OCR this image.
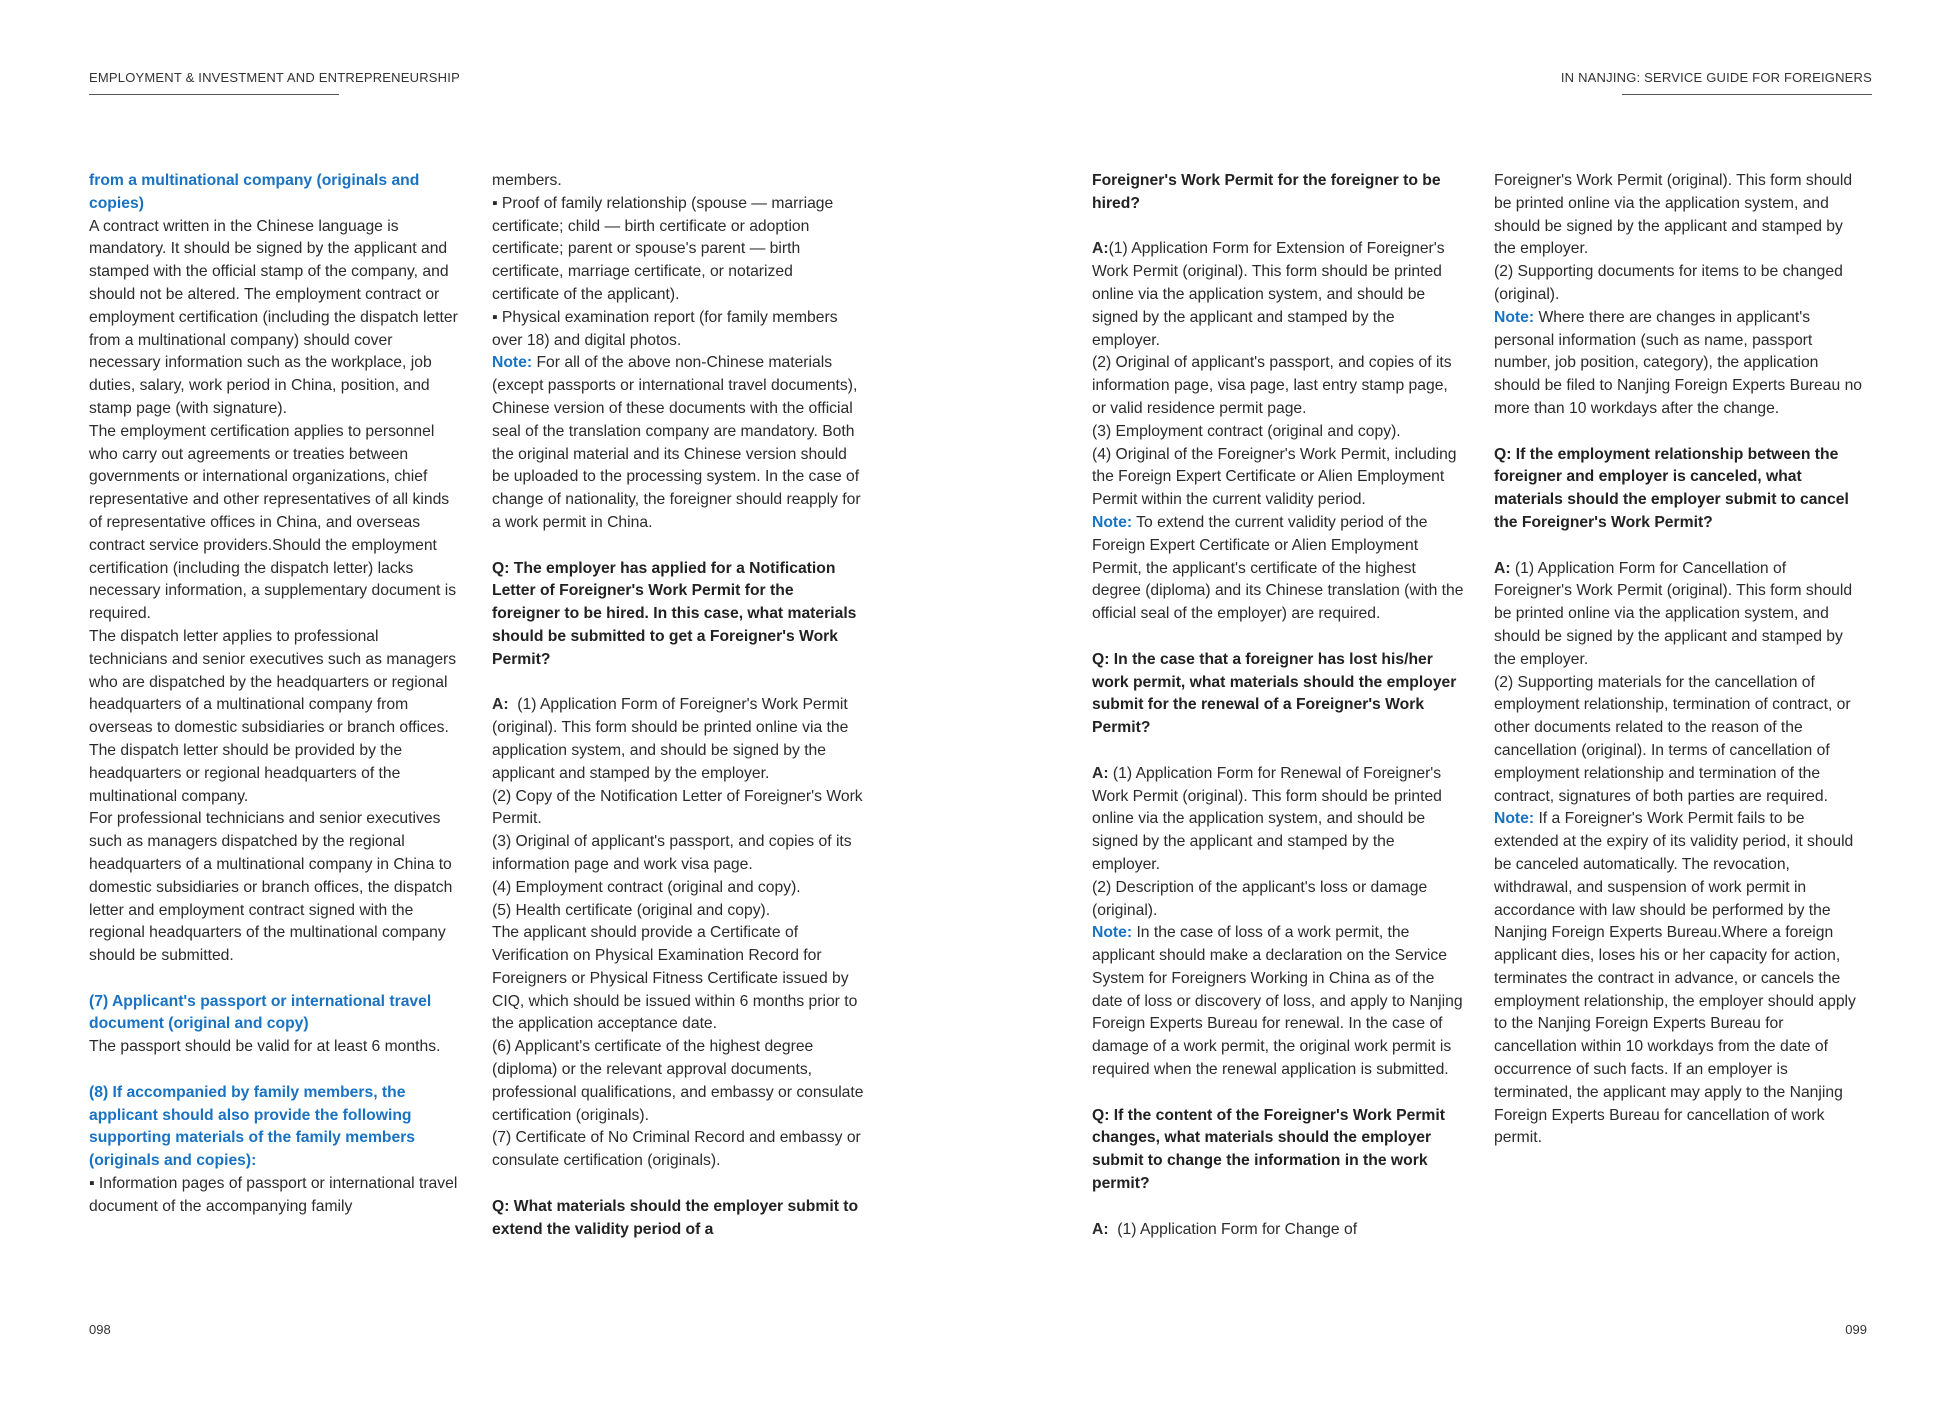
EMPLOYMENT & INVESTMENT AND ENTREPRENEURSHIP	IN NANJING: SERVICE GUIDE FOR FOREIGNERS

from a multinational company (originals and copies)

A contract written in the Chinese language is mandatory. It should be signed by the applicant and stamped with the official stamp of the company, and should not be altered. The employment contract or employment certification (including the dispatch letter from a multinational company) should cover necessary information such as the workplace, job duties, salary, work period in China, position, and stamp page (with signature).

The employment certification applies to personnel who carry out agreements or treaties between governments or international organizations, chief representative and other representatives of all kinds of representative offices in China, and overseas contract service providers.Should the employment certification (including the dispatch letter) lacks necessary information, a supplementary document is required.

The dispatch letter applies to professional technicians and senior executives such as managers who are dispatched by the headquarters or regional headquarters of a multinational company from overseas to domestic subsidiaries or branch offices. The dispatch letter should be provided by the headquarters or regional headquarters of the multinational company.

For professional technicians and senior executives such as managers dispatched by the regional headquarters of a multinational company in China to domestic subsidiaries or branch offices, the dispatch letter and employment contract signed with the regional headquarters of the multinational company should be submitted.

(7) Applicant's passport or international travel document (original and copy)

The passport should be valid for at least 6 months.

(8) If accompanied by family members, the applicant should also provide the following supporting materials of the family members (originals and copies):

▪ Information pages of passport or international travel document of the accompanying family

members.

▪ Proof of family relationship (spouse — marriage certificate; child — birth certificate or adoption certificate; parent or spouse's parent — birth certificate, marriage certificate, or notarized certificate of the applicant).

▪ Physical examination report (for family members over 18) and digital photos.

Note: For all of the above non-Chinese materials (except passports or international travel documents), Chinese version of these documents with the official seal of the translation company are mandatory. Both the original material and its Chinese version should be uploaded to the processing system. In the case of change of nationality, the foreigner should reapply for a work permit in China.

Q: The employer has applied for a Notification Letter of Foreigner's Work Permit for the foreigner to be hired. In this case, what materials should be submitted to get a Foreigner's Work Permit?

A:  (1) Application Form of Foreigner's Work Permit (original). This form should be printed online via the application system, and should be signed by the applicant and stamped by the employer.

(2) Copy of the Notification Letter of Foreigner's Work Permit.

(3) Original of applicant's passport, and copies of its information page and work visa page.

(4) Employment contract (original and copy).

(5) Health certificate (original and copy).

The applicant should provide a Certificate of Verification on Physical Examination Record for Foreigners or Physical Fitness Certificate issued by CIQ, which should be issued within 6 months prior to the application acceptance date.

(6) Applicant's certificate of the highest degree (diploma) or the relevant approval documents, professional qualifications, and embassy or consulate certification (originals).

(7) Certificate of No Criminal Record and embassy or consulate certification (originals).

Q: What materials should the employer submit to extend the validity period of a

Foreigner's Work Permit for the foreigner to be hired?

A:(1) Application Form for Extension of Foreigner's Work Permit (original). This form should be printed online via the application system, and should be signed by the applicant and stamped by the employer.

(2) Original of applicant's passport, and copies of its information page, visa page, last entry stamp page, or valid residence permit page.

(3) Employment contract (original and copy).

(4) Original of the Foreigner's Work Permit, including the Foreign Expert Certificate or Alien Employment Permit within the current validity period.

Note: To extend the current validity period of the Foreign Expert Certificate or Alien Employment Permit, the applicant's certificate of the highest degree (diploma) and its Chinese translation (with the official seal of the employer) are required.

Q: In the case that a foreigner has lost his/her work permit, what materials should the employer submit for the renewal of a Foreigner's Work Permit?

A: (1) Application Form for Renewal of Foreigner's Work Permit (original). This form should be printed online via the application system, and should be signed by the applicant and stamped by the employer.

(2) Description of the applicant's loss or damage (original).

Note: In the case of loss of a work permit, the applicant should make a declaration on the Service System for Foreigners Working in China as of the date of loss or discovery of loss, and apply to Nanjing Foreign Experts Bureau for renewal. In the case of damage of a work permit, the original work permit is required when the renewal application is submitted.

Q: If the content of the Foreigner's Work Permit changes, what materials should the employer submit to change the information in the work permit?

A:  (1) Application Form for Change of

Foreigner's Work Permit (original). This form should be printed online via the application system, and should be signed by the applicant and stamped by the employer.

(2) Supporting documents for items to be changed (original).

Note: Where there are changes in applicant's personal information (such as name, passport number, job position, category), the application should be filed to Nanjing Foreign Experts Bureau no more than 10 workdays after the change.

Q: If the employment relationship between the foreigner and employer is canceled, what materials should the employer submit to cancel the Foreigner's Work Permit?

A: (1) Application Form for Cancellation of Foreigner's Work Permit (original). This form should be printed online via the application system, and should be signed by the applicant and stamped by the employer.

(2) Supporting materials for the cancellation of employment relationship, termination of contract, or other documents related to the reason of the cancellation (original). In terms of cancellation of employment relationship and termination of the contract, signatures of both parties are required.

Note: If a Foreigner's Work Permit fails to be extended at the expiry of its validity period, it should be canceled automatically. The revocation, withdrawal, and suspension of work permit in accordance with law should be performed by the Nanjing Foreign Experts Bureau.Where a foreign applicant dies, loses his or her capacity for action, terminates the contract in advance, or cancels the employment relationship, the employer should apply to the Nanjing Foreign Experts Bureau for cancellation within 10 workdays from the date of occurrence of such facts. If an employer is terminated, the applicant may apply to the Nanjing Foreign Experts Bureau for cancellation of work permit.

098	099
